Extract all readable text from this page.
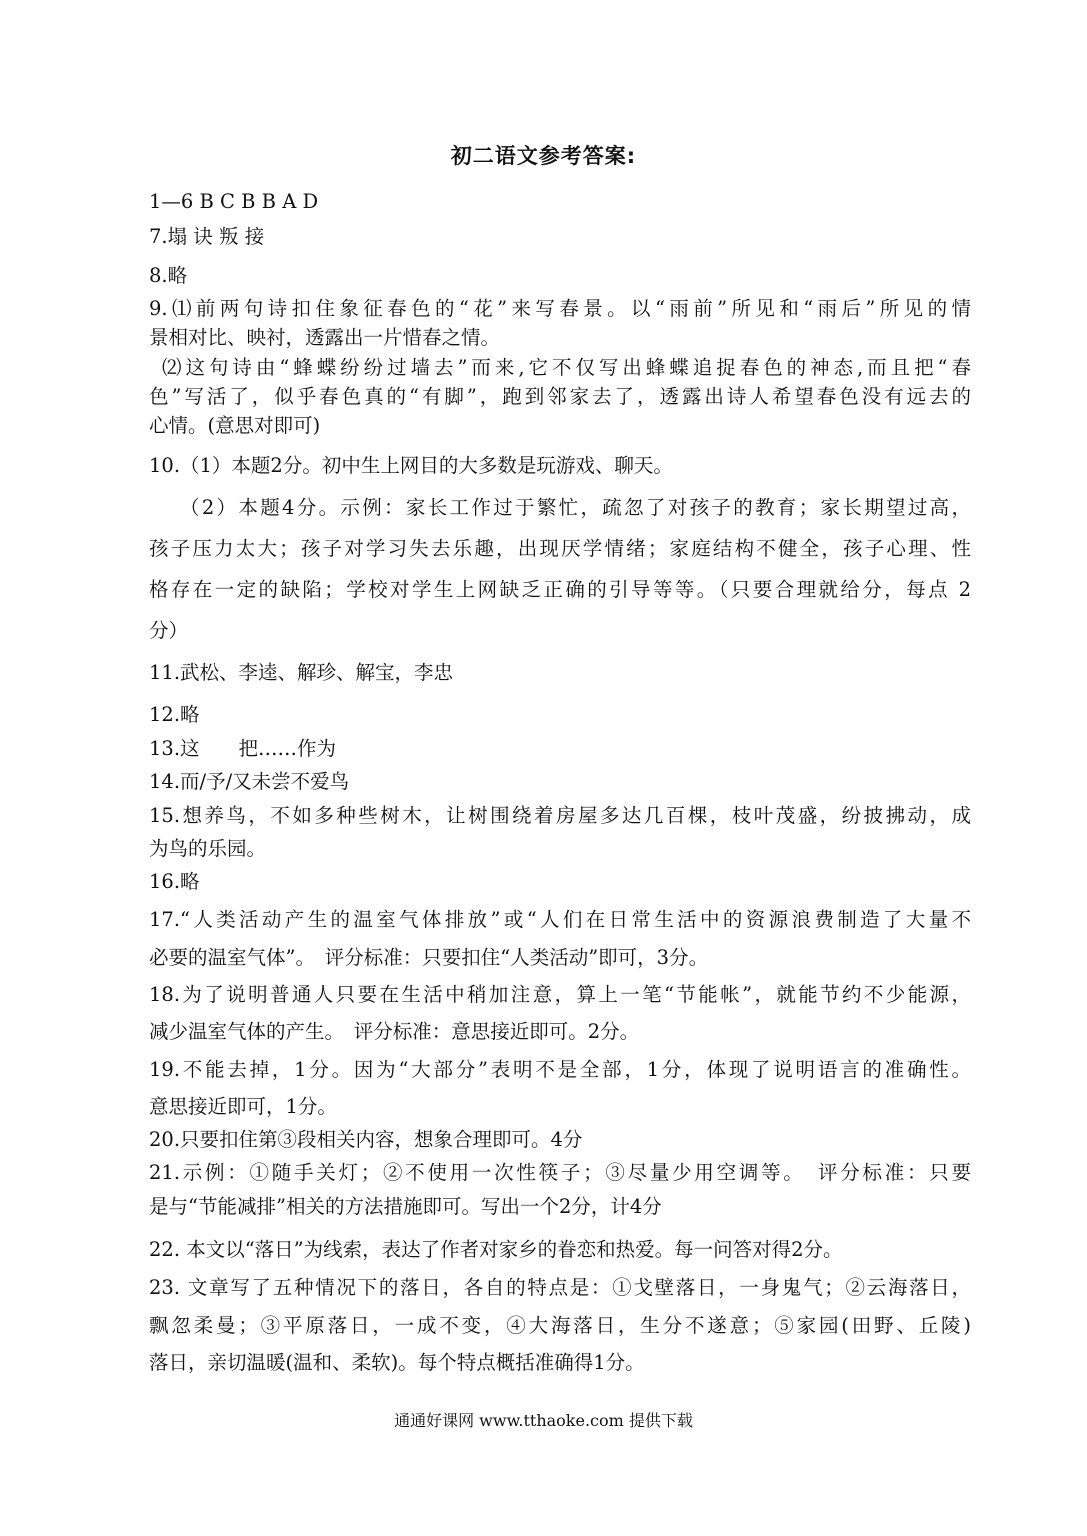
初二语文参考答案:
1—6 B C B B A D
7.塌 诀 叛 接
8.略
9.⑴前两句诗扣住象征春色的“花”来写春景。以“雨前”所见和“雨后”所见的情
景相对比、映衬，透露出一片惜春之情。
⑵这句诗由“蜂蝶纷纷过墙去”而来,它不仅写出蜂蝶追捉春色的神态,而且把“春
色”写活了，似乎春色真的“有脚”，跑到邻家去了，透露出诗人希望春色没有远去的
心情。(意思对即可)
10.（1）本题2分。初中生上网目的大多数是玩游戏、聊天。
（2）本题4分。示例：家长工作过于繁忙，疏忽了对孩子的教育；家长期望过高，
孩子压力太大；孩子对学习失去乐趣，出现厌学情绪；家庭结构不健全，孩子心理、性
格存在一定的缺陷；学校对学生上网缺乏正确的引导等等。（只要合理就给分，每点 2
分）
11.武松、李逵、解珍、解宝，李忠
12.略
13.这　　把……作为
14.而/予/又未尝不爱鸟
15.想养鸟，不如多种些树木，让树围绕着房屋多达几百棵，枝叶茂盛，纷披拂动，成
为鸟的乐园。
16.略
17.“人类活动产生的温室气体排放”或“人们在日常生活中的资源浪费制造了大量不
必要的温室气体”。　评分标准：只要扣住“人类活动”即可，3分。
18.为了说明普通人只要在生活中稍加注意，算上一笔“节能帐”，就能节约不少能源，
减少温室气体的产生。　评分标准：意思接近即可。2分。
19.不能去掉，1分。因为“大部分”表明不是全部，1分，体现了说明语言的准确性。
意思接近即可，1分。
20.只要扣住第③段相关内容，想象合理即可。4分
21.示例：①随手关灯；②不使用一次性筷子；③尽量少用空调等。　评分标准：只要
是与“节能减排”相关的方法措施即可。写出一个2分，计4分
22. 本文以“落日”为线索，表达了作者对家乡的眷恋和热爱。每一问答对得2分。
23. 文章写了五种情况下的落日，各自的特点是：①戈壁落日，一身鬼气；②云海落日，
飘忽柔曼；③平原落日，一成不变，④大海落日，生分不遂意；⑤家园(田野、丘陵)
落日，亲切温暖(温和、柔软)。每个特点概括准确得1分。
通通好课网 www.tthaoke.com 提供下载
